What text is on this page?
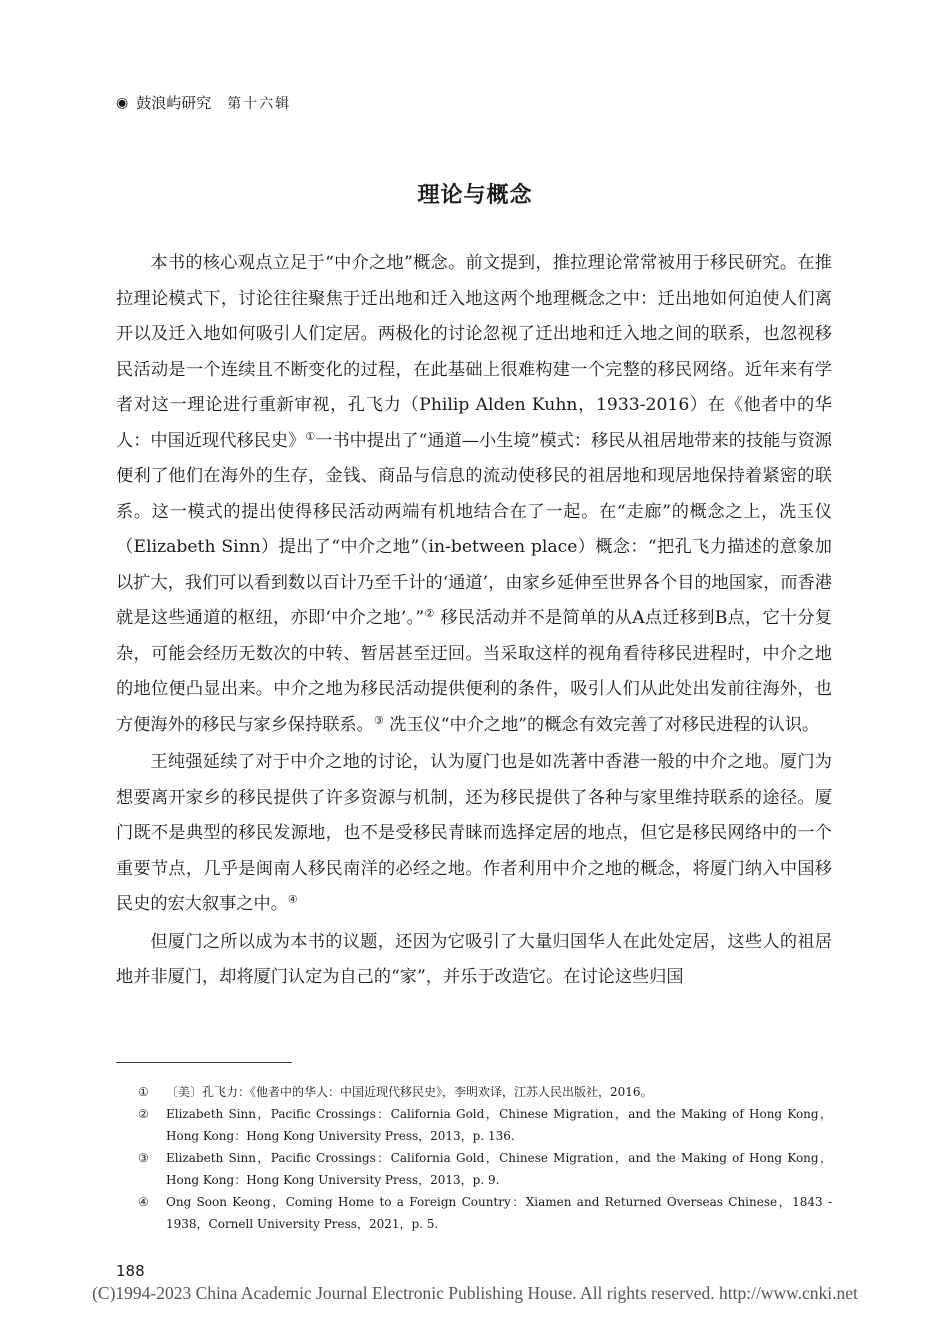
◉ 鼓浪屿研究 第十六辑
理论与概念

本书的核心观点立足于“中介之地”概念。前文提到，推拉理论常常被用于移民研究。在推拉理论模式下，讨论往往聚焦于迁出地和迁入地这两个地理概念之中：迁出地如何迫使人们离开以及迁入地如何吸引人们定居。两极化的讨论忽视了迁出地和迁入地之间的联系，也忽视移民活动是一个连续且不断变化的过程，在此基础上很难构建一个完整的移民网络。近年来有学者对这一理论进行重新审视，孔飞力（Philip Alden Kuhn，1933-2016）在《他者中的华人：中国近现代移民史》①一书中提出了“通道—小生境”模式：移民从祖居地带来的技能与资源便利了他们在海外的生存，金钱、商品与信息的流动使移民的祖居地和现居地保持着紧密的联系。这一模式的提出使得移民活动两端有机地结合在了一起。在“走廊”的概念之上，冼玉仪（Elizabeth Sinn）提出了“中介之地”（in-between place）概念：“把孔飞力描述的意象加以扩大，我们可以看到数以百计乃至千计的‘通道’，由家乡延伸至世界各个目的地国家，而香港就是这些通道的枢纽，亦即‘中介之地’。”② 移民活动并不是简单的从A点迁移到B点，它十分复杂，可能会经历无数次的中转、暂居甚至迂回。当采取这样的视角看待移民进程时，中介之地的地位便凸显出来。中介之地为移民活动提供便利的条件，吸引人们从此处出发前往海外，也方便海外的移民与家乡保持联系。③ 冼玉仪“中介之地”的概念有效完善了对移民进程的认识。

王纯强延续了对于中介之地的讨论，认为厦门也是如冼著中香港一般的中介之地。厦门为想要离开家乡的移民提供了许多资源与机制，还为移民提供了各种与家里维持联系的途径。厦门既不是典型的移民发源地，也不是受移民青睐而选择定居的地点，但它是移民网络中的一个重要节点，几乎是闽南人移民南洋的必经之地。作者利用中介之地的概念，将厦门纳入中国移民史的宏大叙事之中。④

但厦门之所以成为本书的议题，还因为它吸引了大量归国华人在此处定居，这些人的祖居地并非厦门，却将厦门认定为自己的“家”，并乐于改造它。在讨论这些归国

①	〔美〕孔飞力：《他者中的华人：中国近现代移民史》，李明欢译，江苏人民出版社，2016。
②	Elizabeth Sinn，Pacific Crossings：California Gold，Chinese Migration，and the Making of Hong Kong，Hong Kong：Hong Kong University Press，2013，p. 136.
③	Elizabeth Sinn，Pacific Crossings：California Gold，Chinese Migration，and the Making of Hong Kong，Hong Kong：Hong Kong University Press，2013，p. 9.
④	Ong Soon Keong，Coming Home to a Foreign Country：Xiamen and Returned Overseas Chinese，1843 - 1938，Cornell University Press，2021，p. 5.
188
(C)1994-2023 China Academic Journal Electronic Publishing House. All rights reserved. http://www.cnki.net
